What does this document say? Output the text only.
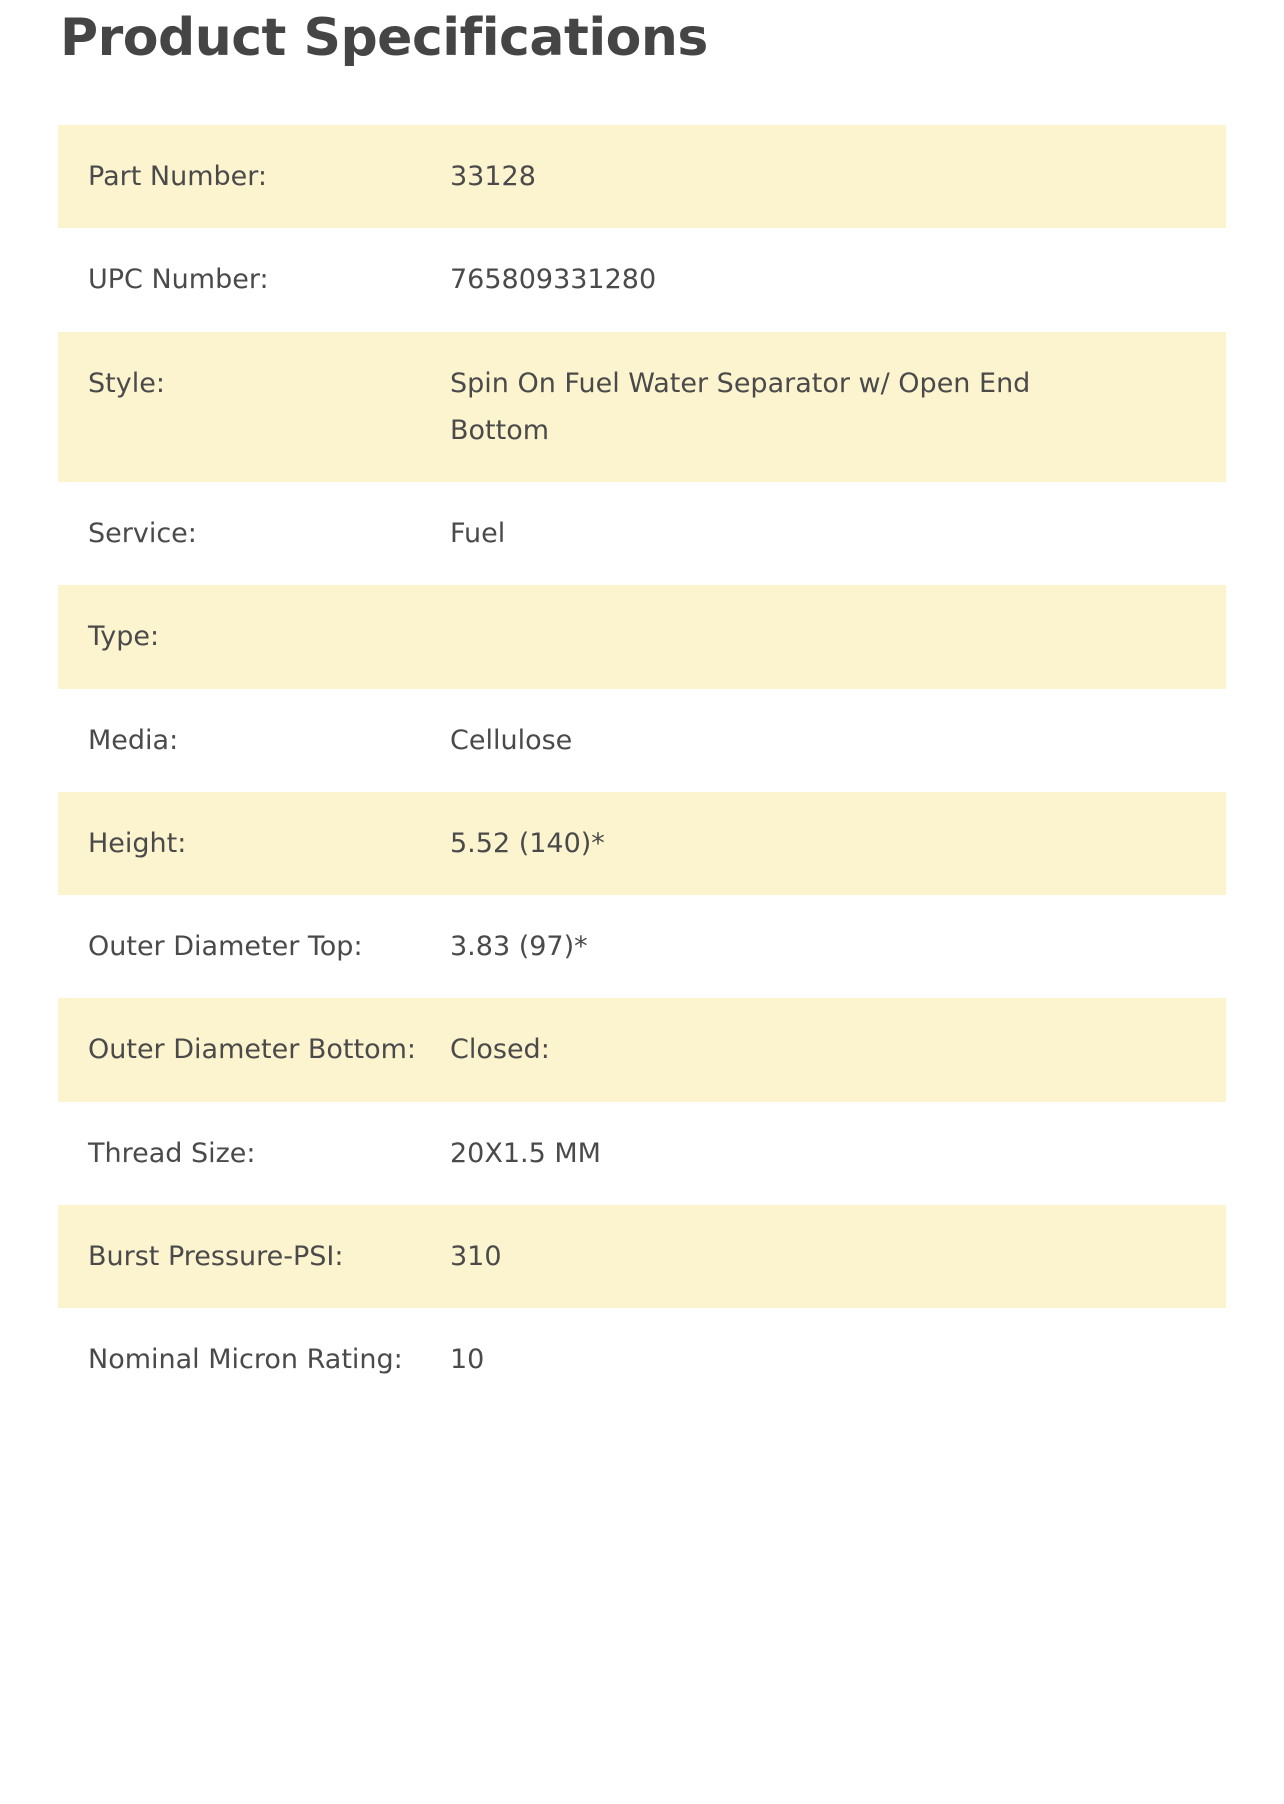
Product Specifications
Part Number:	33128
UPC Number:	765809331280
Style:	Spin On Fuel Water Separator w/ Open End Bottom
Service:	Fuel
Type:
Media:	Cellulose
Height:	5.52 (140)*
Outer Diameter Top:	3.83 (97)*
Outer Diameter Bottom:	Closed:
Thread Size:	20X1.5 MM
Burst Pressure-PSI:	310
Nominal Micron Rating:	10
